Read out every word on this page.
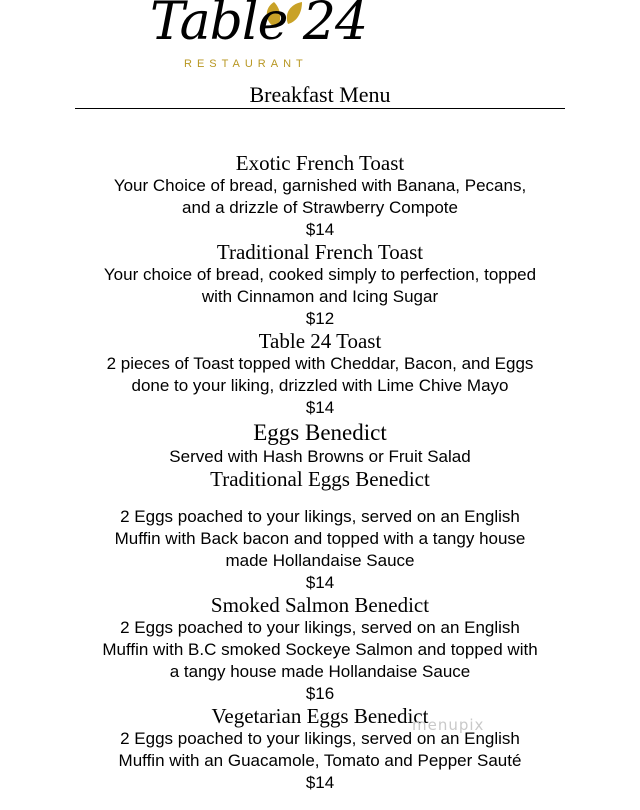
Table 24
RESTAURANT
Breakfast Menu
Exotic French Toast
Your Choice of bread, garnished with Banana, Pecans,
and a drizzle of Strawberry Compote
$14
Traditional French Toast
Your choice of bread, cooked simply to perfection, topped
with Cinnamon and Icing Sugar
$12
Table 24 Toast
2 pieces of Toast topped with Cheddar, Bacon, and Eggs
done to your liking, drizzled with Lime Chive Mayo
$14
Eggs Benedict
Served with Hash Browns or Fruit Salad
Traditional Eggs Benedict
2 Eggs poached to your likings, served on an English
Muffin with Back bacon and topped with a tangy house
made Hollandaise Sauce
$14
Smoked Salmon Benedict
2 Eggs poached to your likings, served on an English
Muffin with B.C smoked Sockeye Salmon and topped with
a tangy house made Hollandaise Sauce
$16
Vegetarian Eggs Benedict
2 Eggs poached to your likings, served on an English
Muffin with an Guacamole, Tomato and Pepper Sauté
$14
menupix
